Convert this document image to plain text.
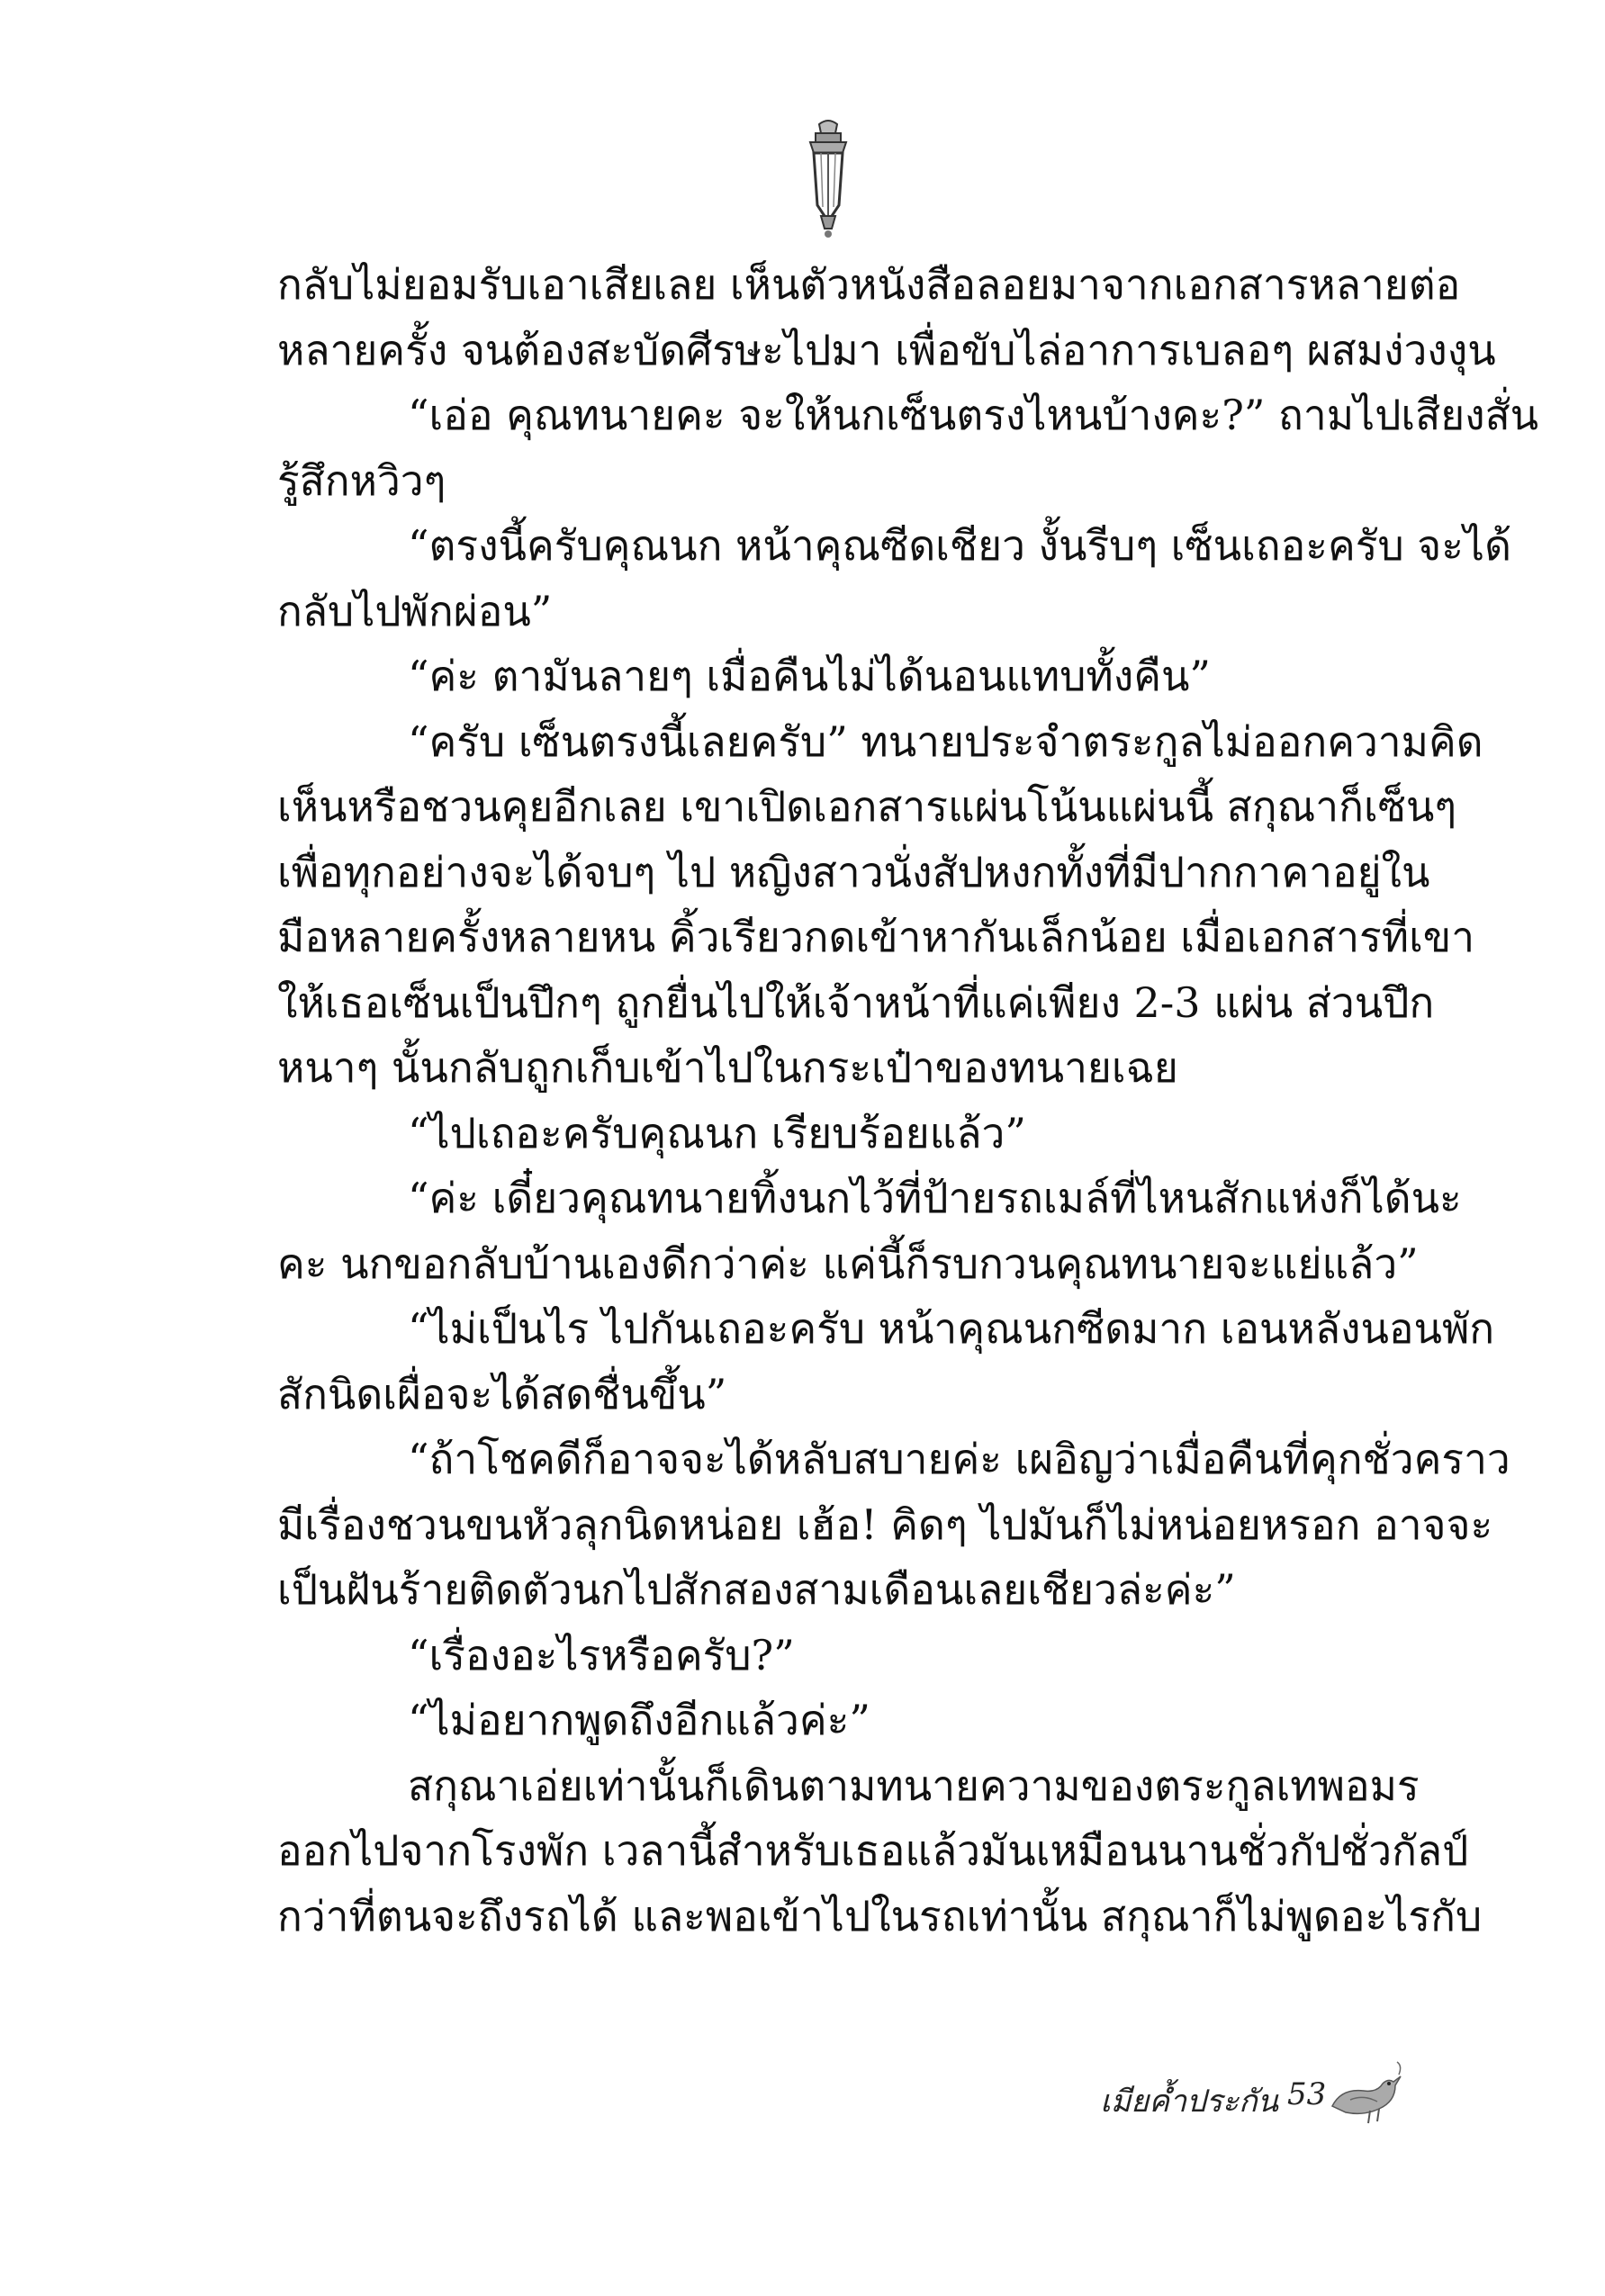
กลับไม่ยอมรับเอาเสียเลย เห็นตัวหนังสือลอยมาจากเอกสารหลายต่อ
หลายครั้ง จนต้องสะบัดศีรษะไปมา เพื่อขับไล่อาการเบลอๆ ผสมง่วงงุน
“เอ่อ คุณทนายคะ จะให้นกเซ็นตรงไหนบ้างคะ?” ถามไปเสียงสั่น
รู้สึกหวิวๆ
“ตรงนี้ครับคุณนก หน้าคุณซีดเชียว งั้นรีบๆ เซ็นเถอะครับ จะได้
กลับไปพักผ่อน”
“ค่ะ ตามันลายๆ เมื่อคืนไม่ได้นอนแทบทั้งคืน”
“ครับ เซ็นตรงนี้เลยครับ” ทนายประจำตระกูลไม่ออกความคิด
เห็นหรือชวนคุยอีกเลย เขาเปิดเอกสารแผ่นโน้นแผ่นนี้ สกุณาก็เซ็นๆ
เพื่อทุกอย่างจะได้จบๆ ไป หญิงสาวนั่งสัปหงกทั้งที่มีปากกาคาอยู่ใน
มือหลายครั้งหลายหน คิ้วเรียวกดเข้าหากันเล็กน้อย เมื่อเอกสารที่เขา
ให้เธอเซ็นเป็นปึกๆ ถูกยื่นไปให้เจ้าหน้าที่แค่เพียง 2-3 แผ่น ส่วนปึก
หนาๆ นั้นกลับถูกเก็บเข้าไปในกระเป๋าของทนายเฉย
“ไปเถอะครับคุณนก เรียบร้อยแล้ว”
“ค่ะ เดี๋ยวคุณทนายทิ้งนกไว้ที่ป้ายรถเมล์ที่ไหนสักแห่งก็ได้นะ
คะ นกขอกลับบ้านเองดีกว่าค่ะ แค่นี้ก็รบกวนคุณทนายจะแย่แล้ว”
“ไม่เป็นไร ไปกันเถอะครับ หน้าคุณนกซีดมาก เอนหลังนอนพัก
สักนิดเผื่อจะได้สดชื่นขึ้น”
“ถ้าโชคดีก็อาจจะได้หลับสบายค่ะ เผอิญว่าเมื่อคืนที่คุกชั่วคราว
มีเรื่องชวนขนหัวลุกนิดหน่อย เฮ้อ! คิดๆ ไปมันก็ไม่หน่อยหรอก อาจจะ
เป็นฝันร้ายติดตัวนกไปสักสองสามเดือนเลยเชียวล่ะค่ะ”
“เรื่องอะไรหรือครับ?”
“ไม่อยากพูดถึงอีกแล้วค่ะ”
สกุณาเอ่ยเท่านั้นก็เดินตามทนายความของตระกูลเทพอมร
ออกไปจากโรงพัก เวลานี้สำหรับเธอแล้วมันเหมือนนานชั่วกัปชั่วกัลป์
กว่าที่ตนจะถึงรถได้ และพอเข้าไปในรถเท่านั้น สกุณาก็ไม่พูดอะไรกับ
เมียค้ำประกัน 53
